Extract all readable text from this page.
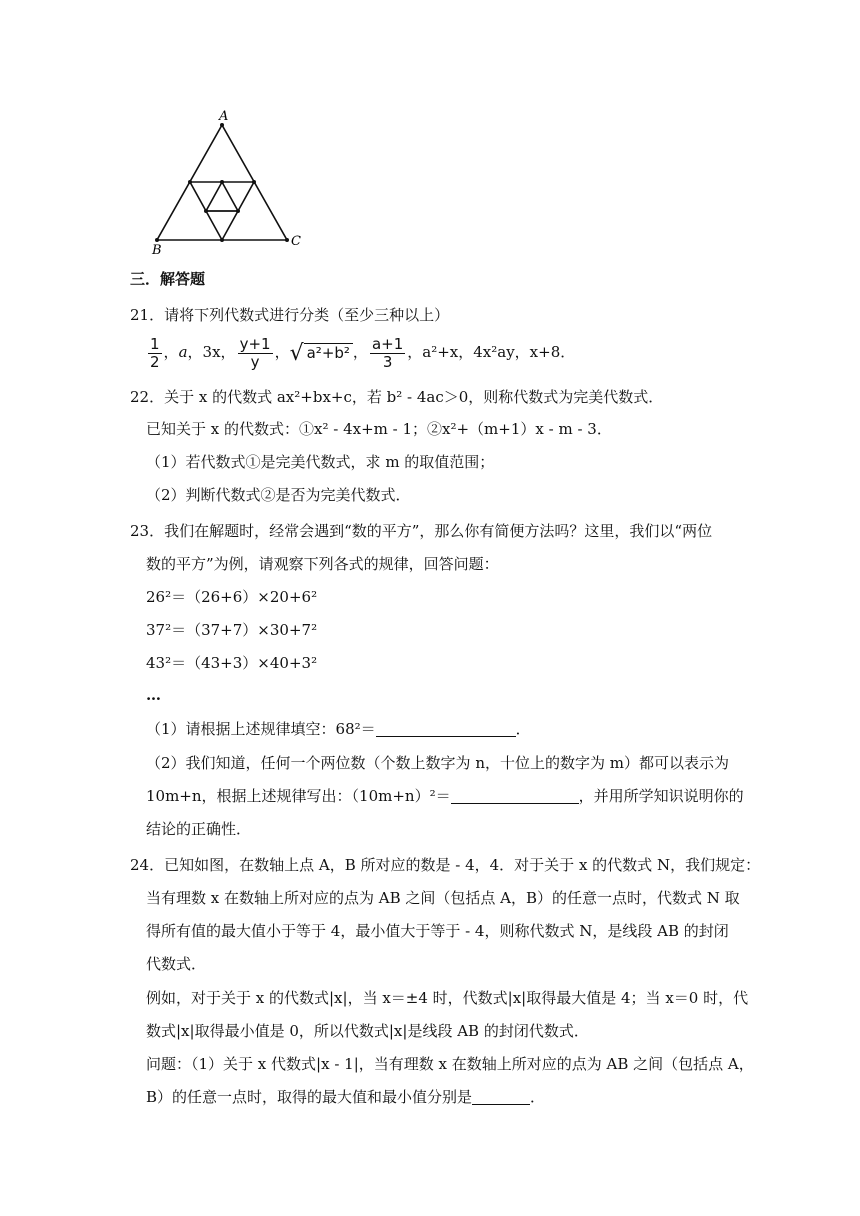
A
B
C
三．解答题
21．请将下列代数式进行分类（至少三种以上）
$\frac{1}{2}$ ，a，3x， $\frac{y+1}{y}$ ，√ a²+b² ， $\frac{a+1}{3}$ ，a²+x，4x²ay，x+8．
22．关于 x 的代数式 ax²+bx+c，若 b² - 4ac＞0，则称代数式为完美代数式．
已知关于 x 的代数式：①x² - 4x+m - 1；②x²+（m+1）x - m - 3．
（1）若代数式①是完美代数式，求 m 的取值范围；
（2）判断代数式②是否为完美代数式．
23．我们在解题时，经常会遇到“数的平方”，那么你有简便方法吗？这里，我们以“两位
数的平方”为例，请观察下列各式的规律，回答问题：
26²＝（26+6）×20+6²
37²＝（37+7）×30+7²
43²＝（43+3）×40+3²
…
（1）请根据上述规律填空：68²＝	．
（2）我们知道，任何一个两位数（个数上数字为 n，十位上的数字为 m）都可以表示为
10m+n，根据上述规律写出：（10m+n）²＝	，并用所学知识说明你的
结论的正确性．
24．已知如图，在数轴上点 A，B 所对应的数是 - 4，4．对于关于 x 的代数式 N，我们规定：
当有理数 x 在数轴上所对应的点为 AB 之间（包括点 A，B）的任意一点时，代数式 N 取
得所有值的最大值小于等于 4，最小值大于等于 - 4，则称代数式 N，是线段 AB 的封闭
代数式．
例如，对于关于 x 的代数式|x|，当 x＝±4 时，代数式|x|取得最大值是 4；当 x＝0 时，代
数式|x|取得最小值是 0，所以代数式|x|是线段 AB 的封闭代数式．
问题：（1）关于 x 代数式|x - 1|，当有理数 x 在数轴上所对应的点为 AB 之间（包括点 A，
B）的任意一点时，取得的最大值和最小值分别是	．
